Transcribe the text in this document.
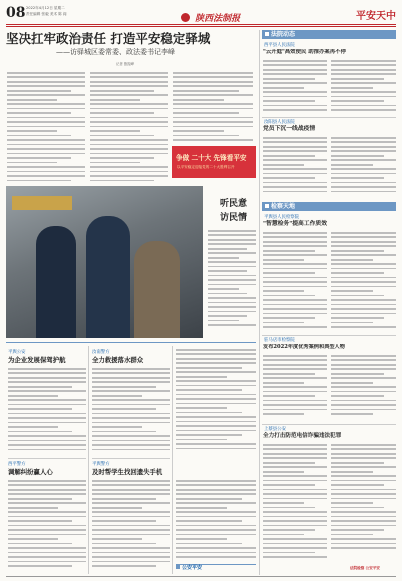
08 2022年4月12日 星期二
责任编辑 张毅 美术 陈 阎	陕西法制报	平安天中
坚决扛牢政治责任 打造平安稳定驿城
——访驿城区委常委、政法委书记李峰
记者 甄振峰
争做 二十大 先锋看平安
以平安稳定迎接党的二十大胜利召开
听民意
访民情
法院动态
西平县人民法院
"云开庭"高效便民 助推办案再不停
汝阳县人民法院
党员下沉一线战疫情
检察天地
平舆县人民检察院
"智慧检务"提高工作质效
驻马店市检察院
发布2022年度优秀案例和典型人物
上蔡县公安
全力打击防范电信诈骗违法犯罪
法院检察 公安平安
平舆公安
为企业发展保驾护航
西平警方
调解纠纷赢人心
汝南警方
全力救援落水群众
平舆警方
及时帮学生找回遗失手机
公安平安
